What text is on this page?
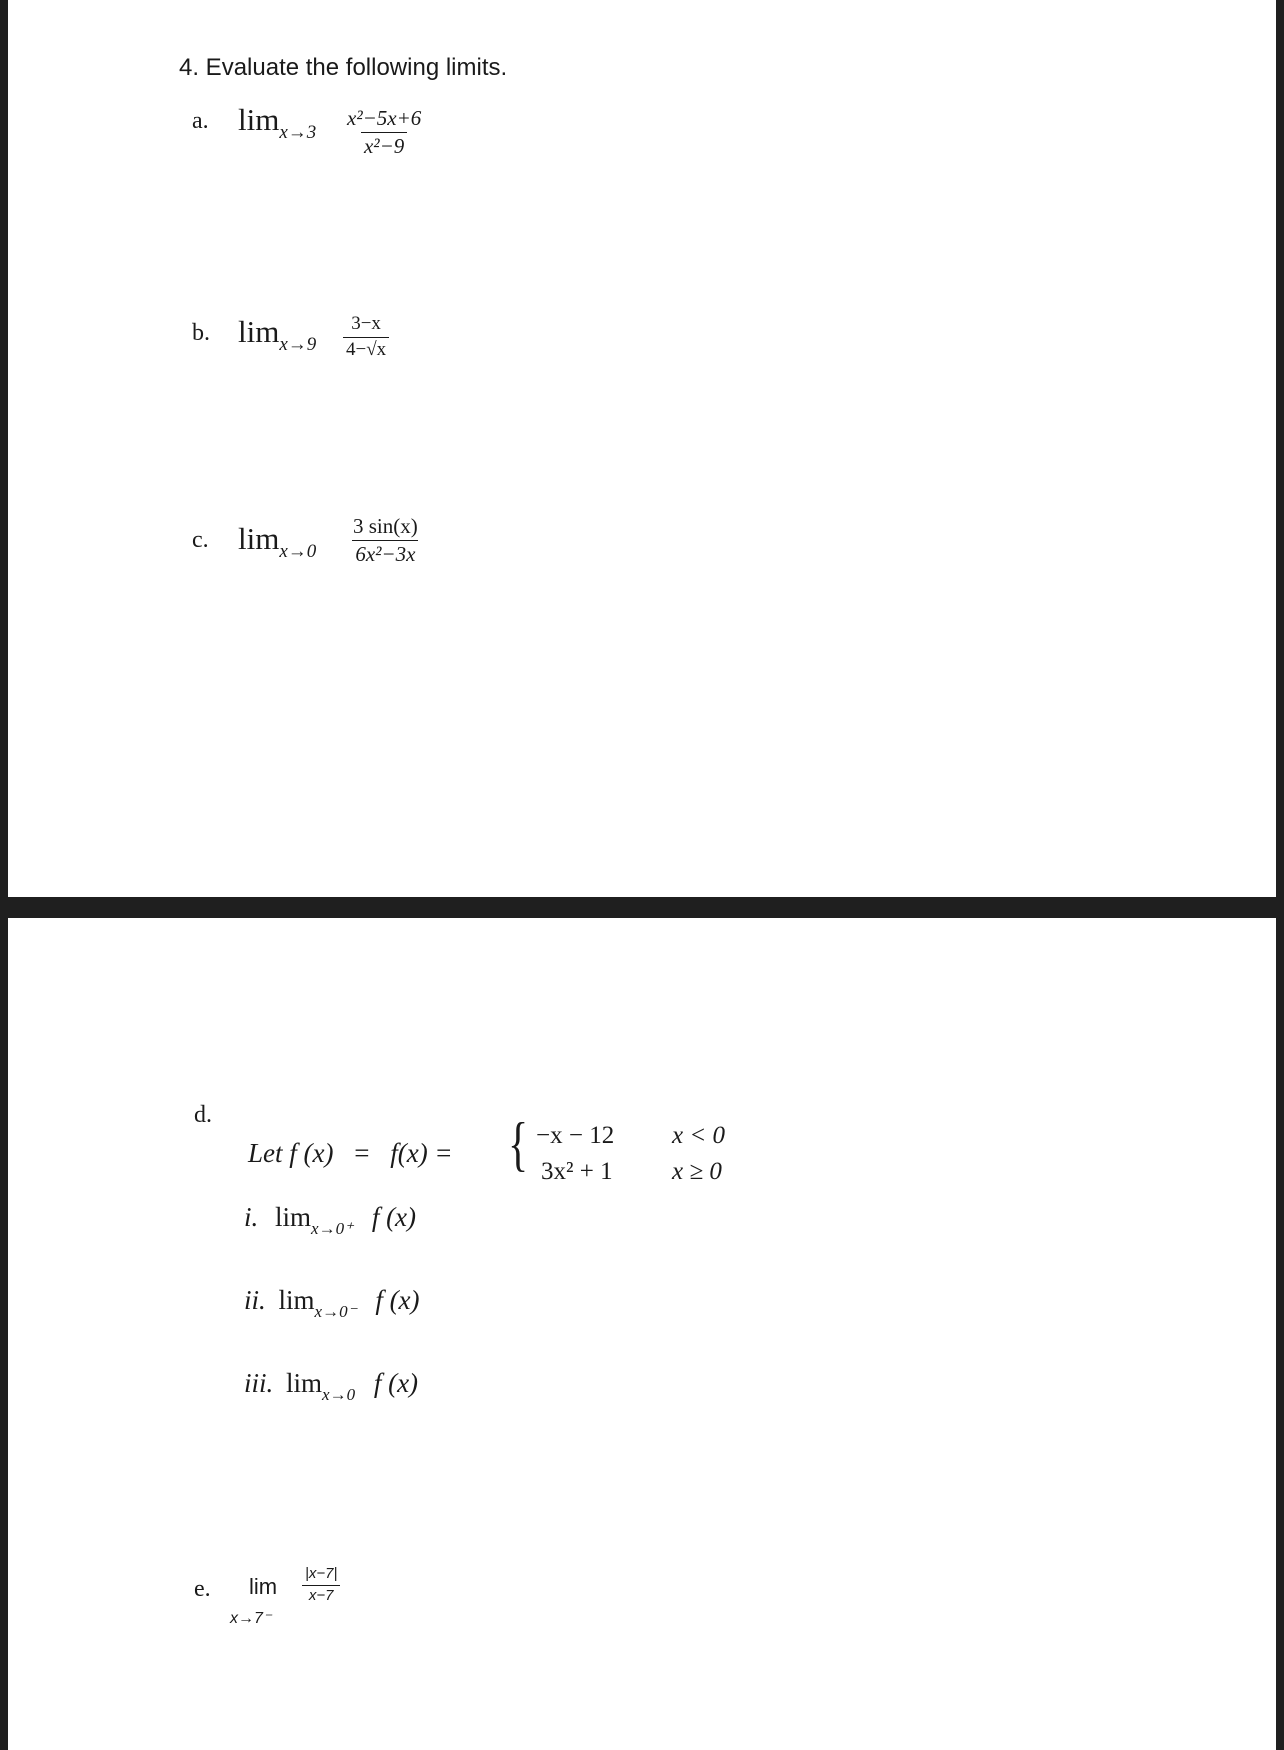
4. Evaluate the following limits.
a. $\lim x\to 3 \frac{\text{x²−5x+6}}{\text{x²−9}}$
b. $\lim x\to 9 \frac{3-x}{4-√x}$
c. $\lim x\to 0 \frac{3 \sin(x)}{\text{6x²−3x}}$
d.
Let f (x) = f(x) = { −x − 12 x < 0
3x² + 1 x ≥ 0
i. $\lim_{x\to 0^+} f$ (x)
ii. $\lim_{x\to 0^-} f$ (x)
iii. $\lim_{x\to 0} f$ (x)
e. lim
x→7⁻
$\frac{|x-7|}{x-7}$
